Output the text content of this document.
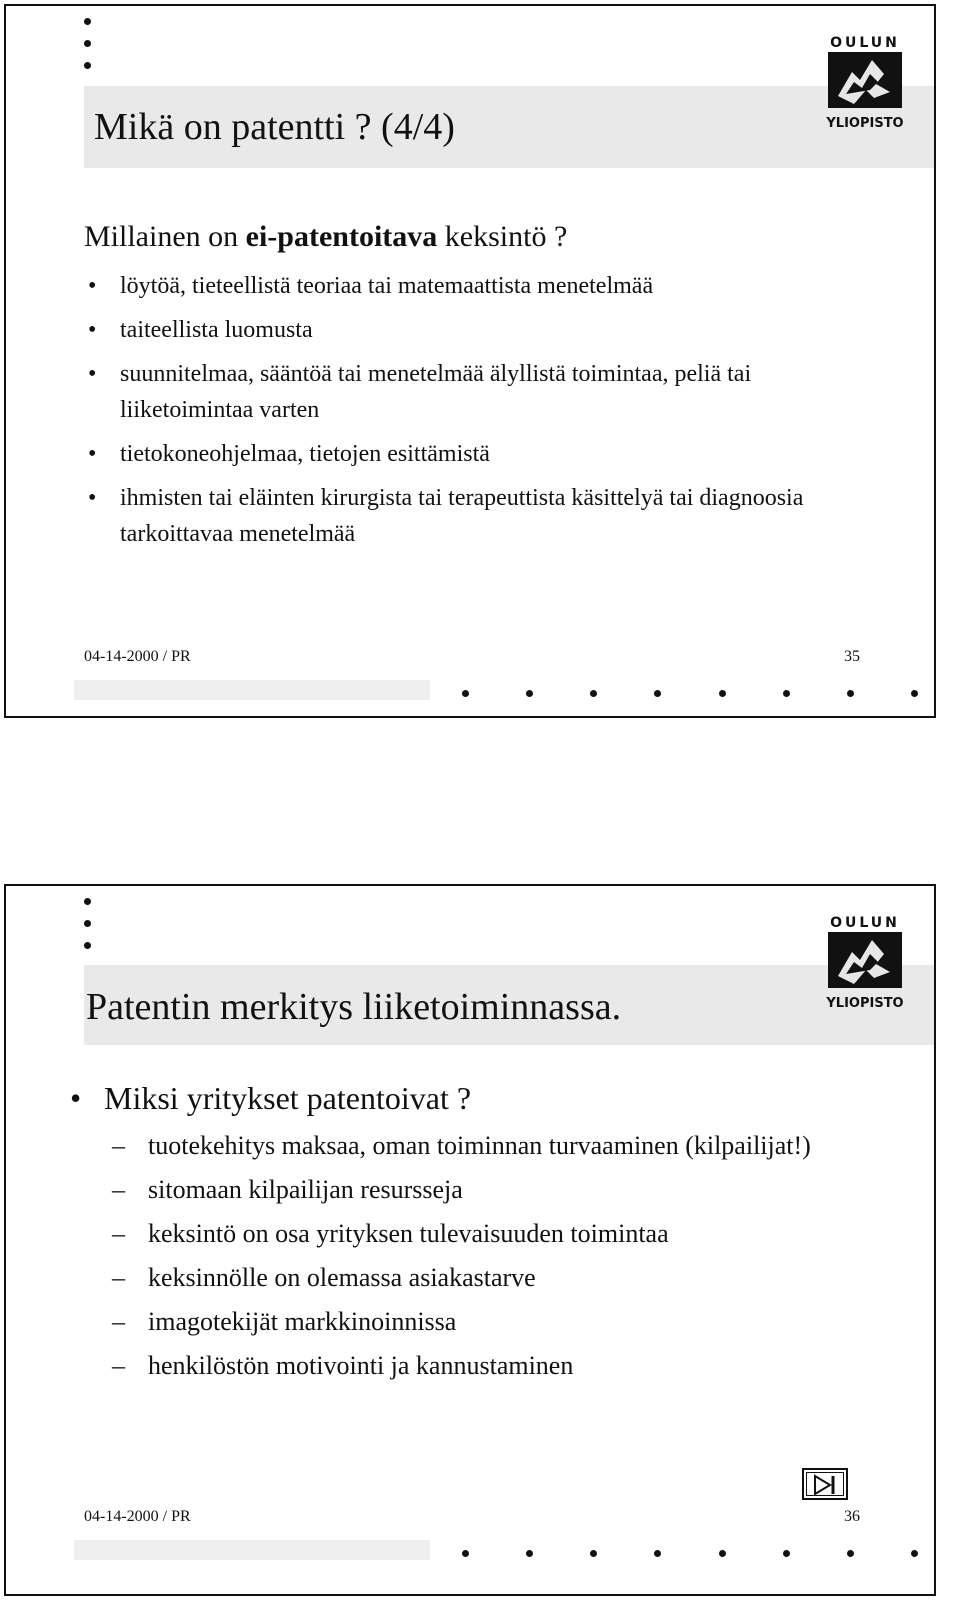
Mikä on patentti ? (4/4)
OULUN
YLIOPISTO
Millainen on ei-patentoitava keksintö ?
• löytöä, tieteellistä teoriaa tai matemaattista menetelmää
• taiteellista luomusta
• suunnitelmaa, sääntöä tai menetelmää älyllistä toimintaa, peliä tai liiketoimintaa varten
• tietokoneohjelmaa, tietojen esittämistä
• ihmisten tai eläinten kirurgista tai terapeuttista käsittelyä tai diagnoosia tarkoittavaa menetelmää
04-14-2000 / PR	35
Patentin merkitys liiketoiminnassa.
OULUN
YLIOPISTO
• Miksi yritykset patentoivat ?
– tuotekehitys maksaa, oman toiminnan turvaaminen (kilpailijat!)
– sitomaan kilpailijan resursseja
– keksintö on osa yrityksen tulevaisuuden toimintaa
– keksinnölle on olemassa asiakastarve
– imagotekijät markkinoinnissa
– henkilöstön motivointi ja kannustaminen
04-14-2000 / PR	36
